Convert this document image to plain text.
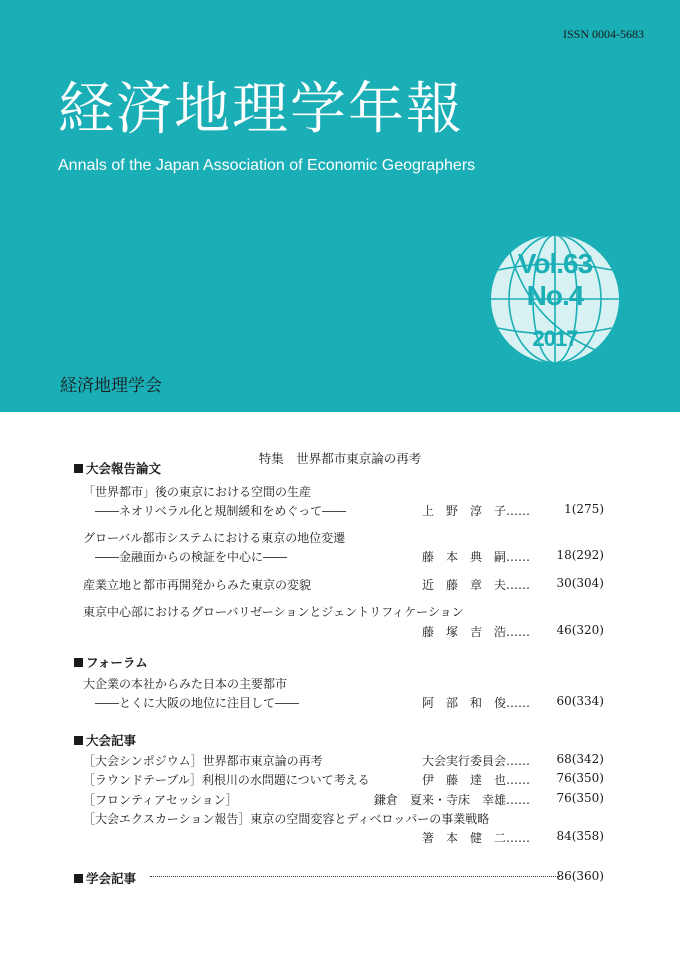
ISSN 0004-5683
経済地理学年報
Annals of the Japan Association of Economic Geographers
Vol.63
No.4
2017
経済地理学会
特集　世界都市東京論の再考
大会報告論文
「世界都市」後の東京における空間の生産
――ネオリベラル化と規制緩和をめぐって――	上　野　淳　子……	1(275)
グローバル都市システムにおける東京の地位変遷
――金融面からの検証を中心に――	藤　本　典　嗣…… 18(292)
産業立地と都市再開発からみた東京の変貌	近　藤　章　夫…… 30(304)
東京中心部におけるグローバリゼーションとジェントリフィケーション
藤　塚　吉　浩…… 46(320)
フォーラム
大企業の本社からみた日本の主要都市
――とくに大阪の地位に注目して――	阿　部　和　俊…… 60(334)
大会記事
［大会シンポジウム］世界都市東京論の再考	大会実行委員会…… 68(342)
［ラウンドテーブル］利根川の水問題について考える	伊　藤　達　也…… 76(350)
［フロンティアセッション］	鎌倉　夏来・寺床　幸雄…… 76(350)
［大会エクスカーション報告］東京の空間変容とディベロッパーの事業戦略
箸　本　健　二…… 84(358)
学会記事	86(360)
